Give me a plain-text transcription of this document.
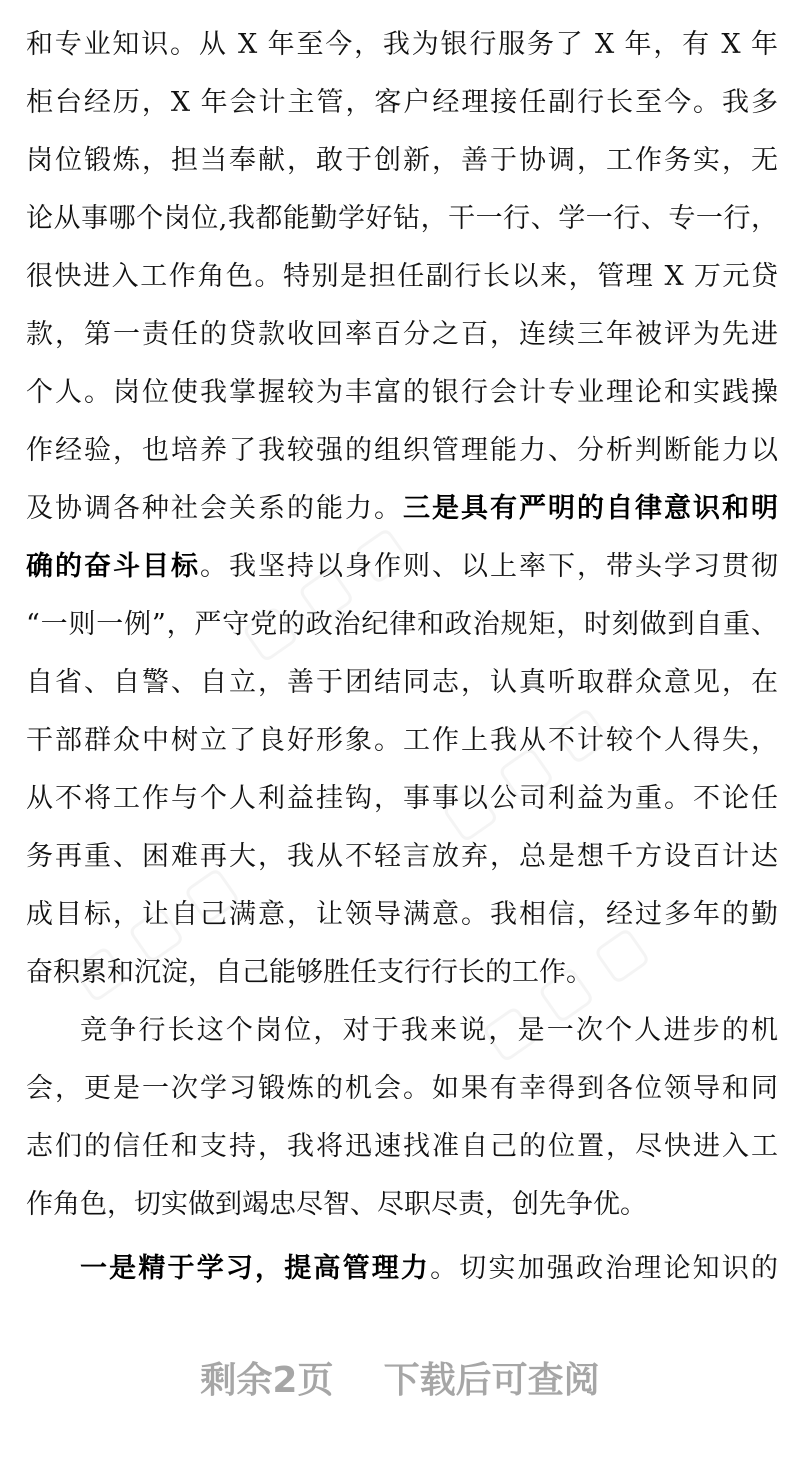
和专业知识。从 X 年至今，我为银行服务了 X 年，有 X 年
柜台经历，X 年会计主管，客户经理接任副行长至今。我多
岗位锻炼，担当奉献，敢于创新，善于协调，工作务实，无
论从事哪个岗位,我都能勤学好钻，干一行、学一行、专一行，
很快进入工作角色。特别是担任副行长以来，管理 X 万元贷
款，第一责任的贷款收回率百分之百，连续三年被评为先进
个人。岗位使我掌握较为丰富的银行会计专业理论和实践操
作经验，也培养了我较强的组织管理能力、分析判断能力以
及协调各种社会关系的能力。三是具有严明的自律意识和明
确的奋斗目标。我坚持以身作则、以上率下，带头学习贯彻
“一则一例”，严守党的政治纪律和政治规矩，时刻做到自重、
自省、自警、自立，善于团结同志，认真听取群众意见，在
干部群众中树立了良好形象。工作上我从不计较个人得失，
从不将工作与个人利益挂钩，事事以公司利益为重。不论任
务再重、困难再大，我从不轻言放弃，总是想千方设百计达
成目标，让自己满意，让领导满意。我相信，经过多年的勤
奋积累和沉淀，自己能够胜任支行行长的工作。
竞争行长这个岗位，对于我来说，是一次个人进步的机
会，更是一次学习锻炼的机会。如果有幸得到各位领导和同
志们的信任和支持，我将迅速找准自己的位置，尽快进入工
作角色，切实做到竭忠尽智、尽职尽责，创先争优。
一是精于学习，提高管理力。切实加强政治理论知识的
剩余2页 下载后可查阅
